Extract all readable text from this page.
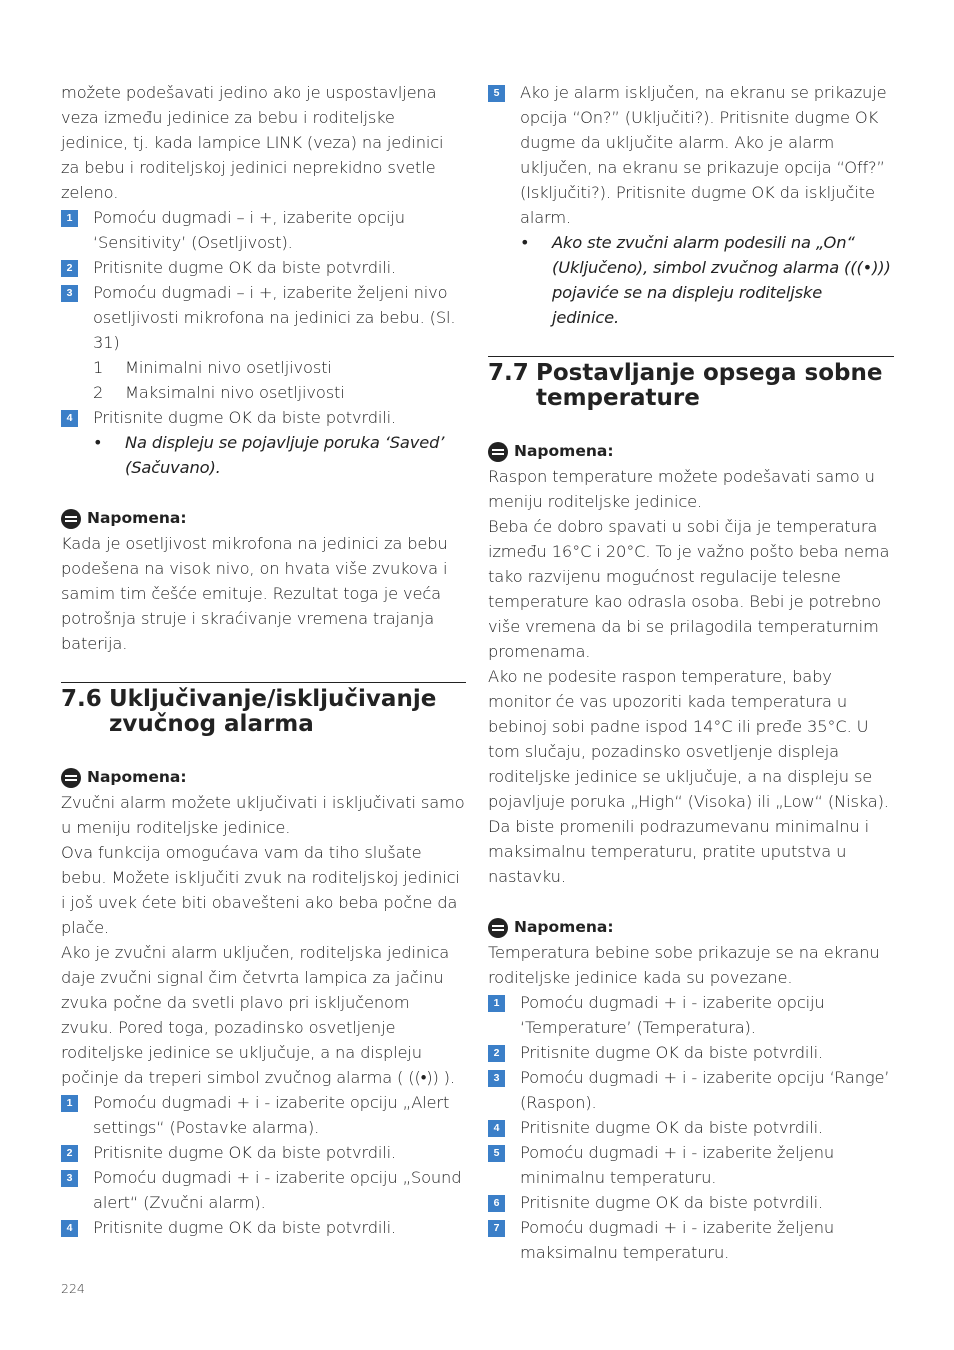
možete podešavati jedino ako je uspostavljena veza između jedinice za bebu i roditeljske jedinice, tj. kada lampice LINK (veza) na jedinici za bebu i roditeljskoj jedinici neprekidno svetle zeleno.

1	Pomoću dugmadi – i +, izaberite opciju ‘Sensitivity’ (Osetljivost).
2	Pritisnite dugme OK da biste potvrdili.
3	Pomoću dugmadi – i +, izaberite željeni nivo osetljivosti mikrofona na jedinici za bebu. (Sl. 31)
1 Minimalni nivo osetljivosti
2 Maksimalni nivo osetljivosti
4	Pritisnite dugme OK da biste potvrdili.
• Na displeju se pojavljuje poruka ‘Saved’ (Sačuvano).
Napomena:
Kada je osetljivost mikrofona na jedinici za bebu podešena na visok nivo, on hvata više zvukova i samim tim češće emituje. Rezultat toga je veća potrošnja struje i skraćivanje vremena trajanja baterija.
7.6 Uključivanje/isključivanje zvučnog alarma
Napomena:

Zvučni alarm možete uključivati i isključivati samo u meniju roditeljske jedinice.

Ova funkcija omogućava vam da tiho slušate bebu. Možete isključiti zvuk na roditeljskoj jedinici i još uvek ćete biti obavešteni ako beba počne da plače.

Ako je zvučni alarm uključen, roditeljska jedinica daje zvučni signal čim četvrta lampica za jačinu zvuka počne da svetli plavo pri isključenom zvuku. Pored toga, pozadinsko osvetljenje roditeljske jedinice se uključuje, a na displeju počinje da treperi simbol zvučnog alarma ( ((•)) ).

1	Pomoću dugmadi + i - izaberite opciju „Alert settings“ (Postavke alarma).
2	Pritisnite dugme OK da biste potvrdili.
3	Pomoću dugmadi + i - izaberite opciju „Sound alert“ (Zvučni alarm).
4	Pritisnite dugme OK da biste potvrdili.
5	Ako je alarm isključen, na ekranu se prikazuje opcija “On?” (Uključiti?). Pritisnite dugme OK dugme da uključite alarm. Ako je alarm uključen, na ekranu se prikazuje opcija “Off?” (Isključiti?). Pritisnite dugme OK da isključite alarm.
• Ako ste zvučni alarm podesili na „On“ (Uključeno), simbol zvučnog alarma (((•))) pojaviće se na displeju roditeljske jedinice.
7.7 Postavljanje opsega sobne temperature
Napomena:

Raspon temperature možete podešavati samo u meniju roditeljske jedinice.

Beba će dobro spavati u sobi čija je temperatura između 16°C i 20°C. To je važno pošto beba nema tako razvijenu mogućnost regulacije telesne temperature kao odrasla osoba. Bebi je potrebno više vremena da bi se prilagodila temperaturnim promenama.

Ako ne podesite raspon temperature, baby monitor će vas upozoriti kada temperatura u bebinoj sobi padne ispod 14°C ili pređe 35°C. U tom slučaju, pozadinsko osvetljenje displeja roditeljske jedinice se uključuje, a na displeju se pojavljuje poruka „High“ (Visoka) ili „Low“ (Niska).

Da biste promenili podrazumevanu minimalnu i maksimalnu temperaturu, pratite uputstva u nastavku.

Napomena:
Temperatura bebine sobe prikazuje se na ekranu roditeljske jedinice kada su povezane.
1	Pomoću dugmadi + i - izaberite opciju ‘Temperature’ (Temperatura).
2	Pritisnite dugme OK da biste potvrdili.
3	Pomoću dugmadi + i - izaberite opciju ‘Range’ (Raspon).
4	Pritisnite dugme OK da biste potvrdili.
5	Pomoću dugmadi + i - izaberite željenu minimalnu temperaturu.
6	Pritisnite dugme OK da biste potvrdili.
7	Pomoću dugmadi + i - izaberite željenu maksimalnu temperaturu.
224
